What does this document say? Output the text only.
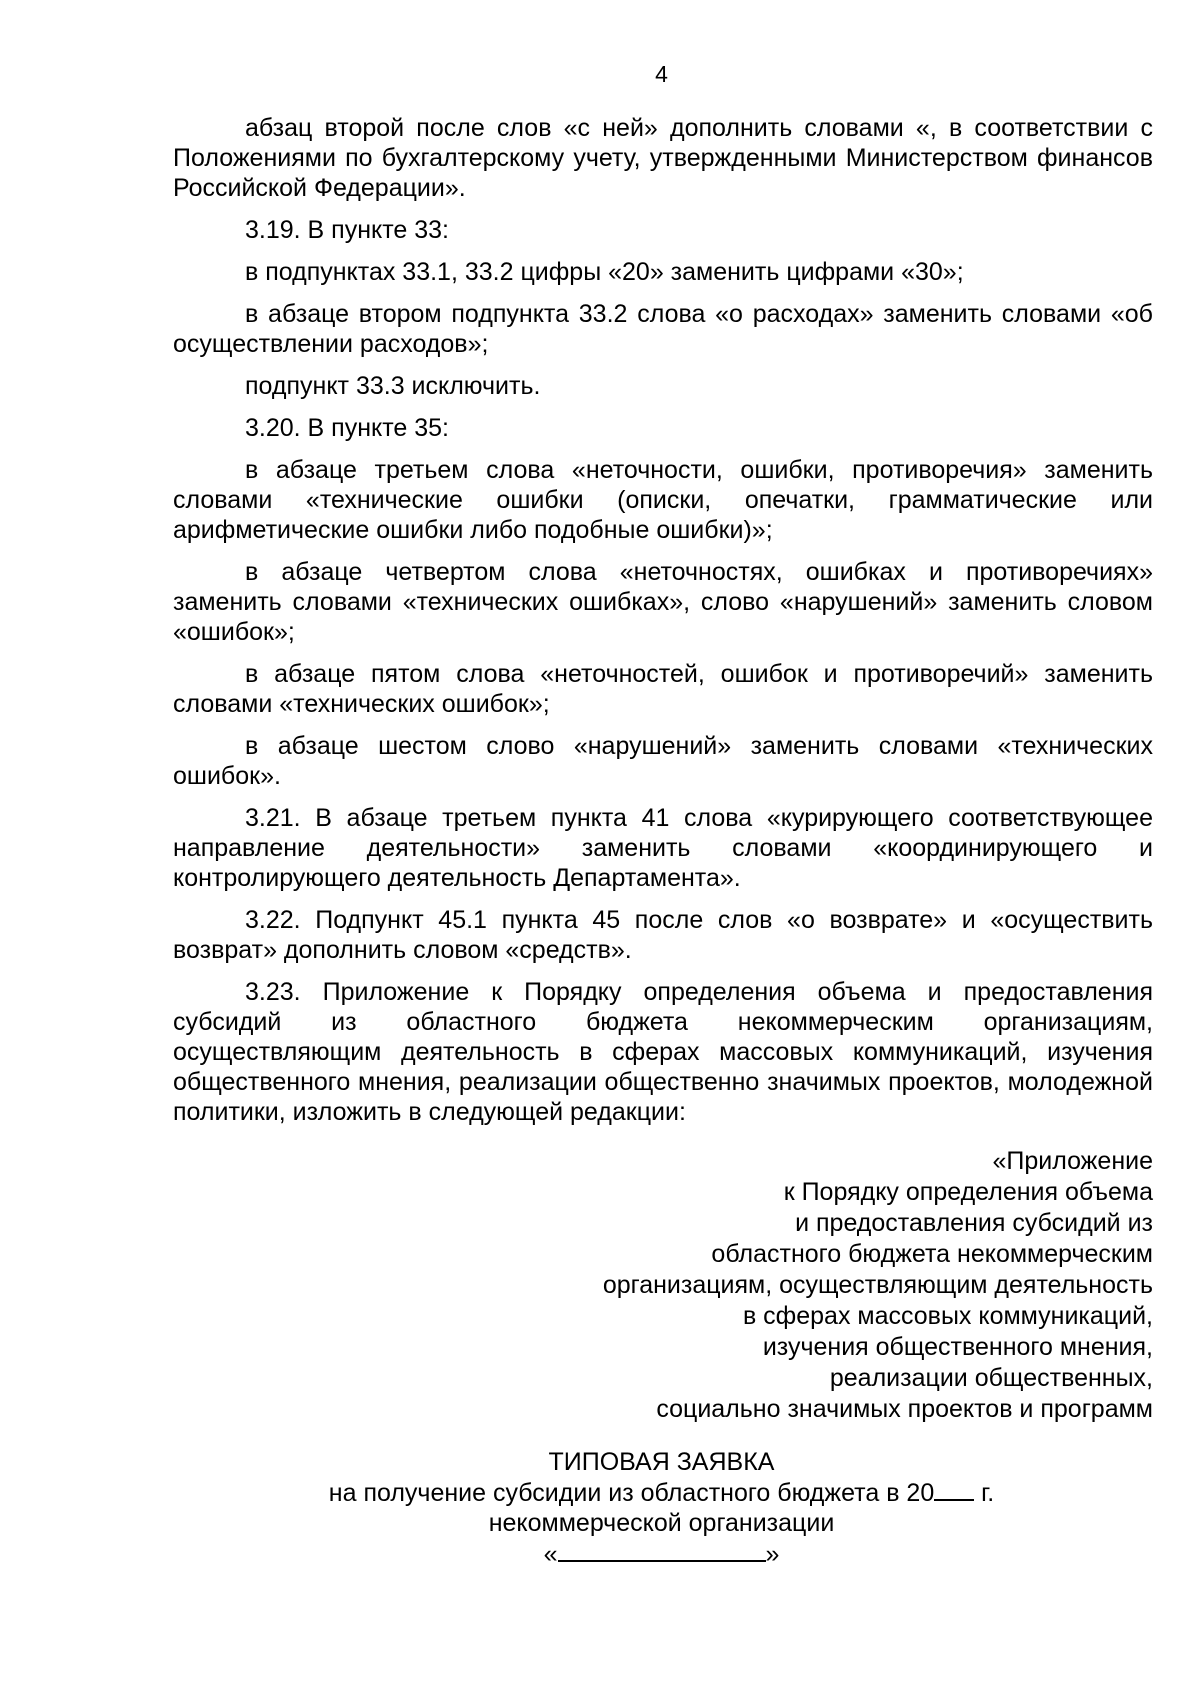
4

абзац второй после слов «с ней» дополнить словами «, в соответствии с Положениями по бухгалтерскому учету, утвержденными Министерством финансов Российской Федерации».

3.19. В пункте 33:

в подпунктах 33.1, 33.2 цифры «20» заменить цифрами «30»;

в абзаце втором подпункта 33.2 слова «о расходах» заменить словами «об осуществлении расходов»;

подпункт 33.3 исключить.

3.20. В пункте 35:

в абзаце третьем слова «неточности, ошибки, противоречия» заменить словами «технические ошибки (описки, опечатки, грамматические или арифметические ошибки либо подобные ошибки)»;

в абзаце четвертом слова «неточностях, ошибках и противоречиях» заменить словами «технических ошибках», слово «нарушений» заменить словом «ошибок»;

в абзаце пятом слова «неточностей, ошибок и противоречий» заменить словами «технических ошибок»;

в абзаце шестом слово «нарушений» заменить словами «технических ошибок».

3.21. В абзаце третьем пункта 41 слова «курирующего соответствующее направление деятельности» заменить словами «координирующего и контролирующего деятельность Департамента».

3.22. Подпункт 45.1 пункта 45 после слов «о возврате» и «осуществить возврат» дополнить словом «средств».

3.23. Приложение к Порядку определения объема и предоставления субсидий из областного бюджета некоммерческим организациям, осуществляющим деятельность в сферах массовых коммуникаций, изучения общественного мнения, реализации общественно значимых проектов, молодежной политики, изложить в следующей редакции:

«Приложение
к Порядку определения объема
и предоставления субсидий из
областного бюджета некоммерческим
организациям, осуществляющим деятельность
в сферах массовых коммуникаций,
изучения общественного мнения,
реализации общественных,
социально значимых проектов и программ
ТИПОВАЯ ЗАЯВКА
на получение субсидии из областного бюджета в 20 г.
некоммерческой организации
«	»
